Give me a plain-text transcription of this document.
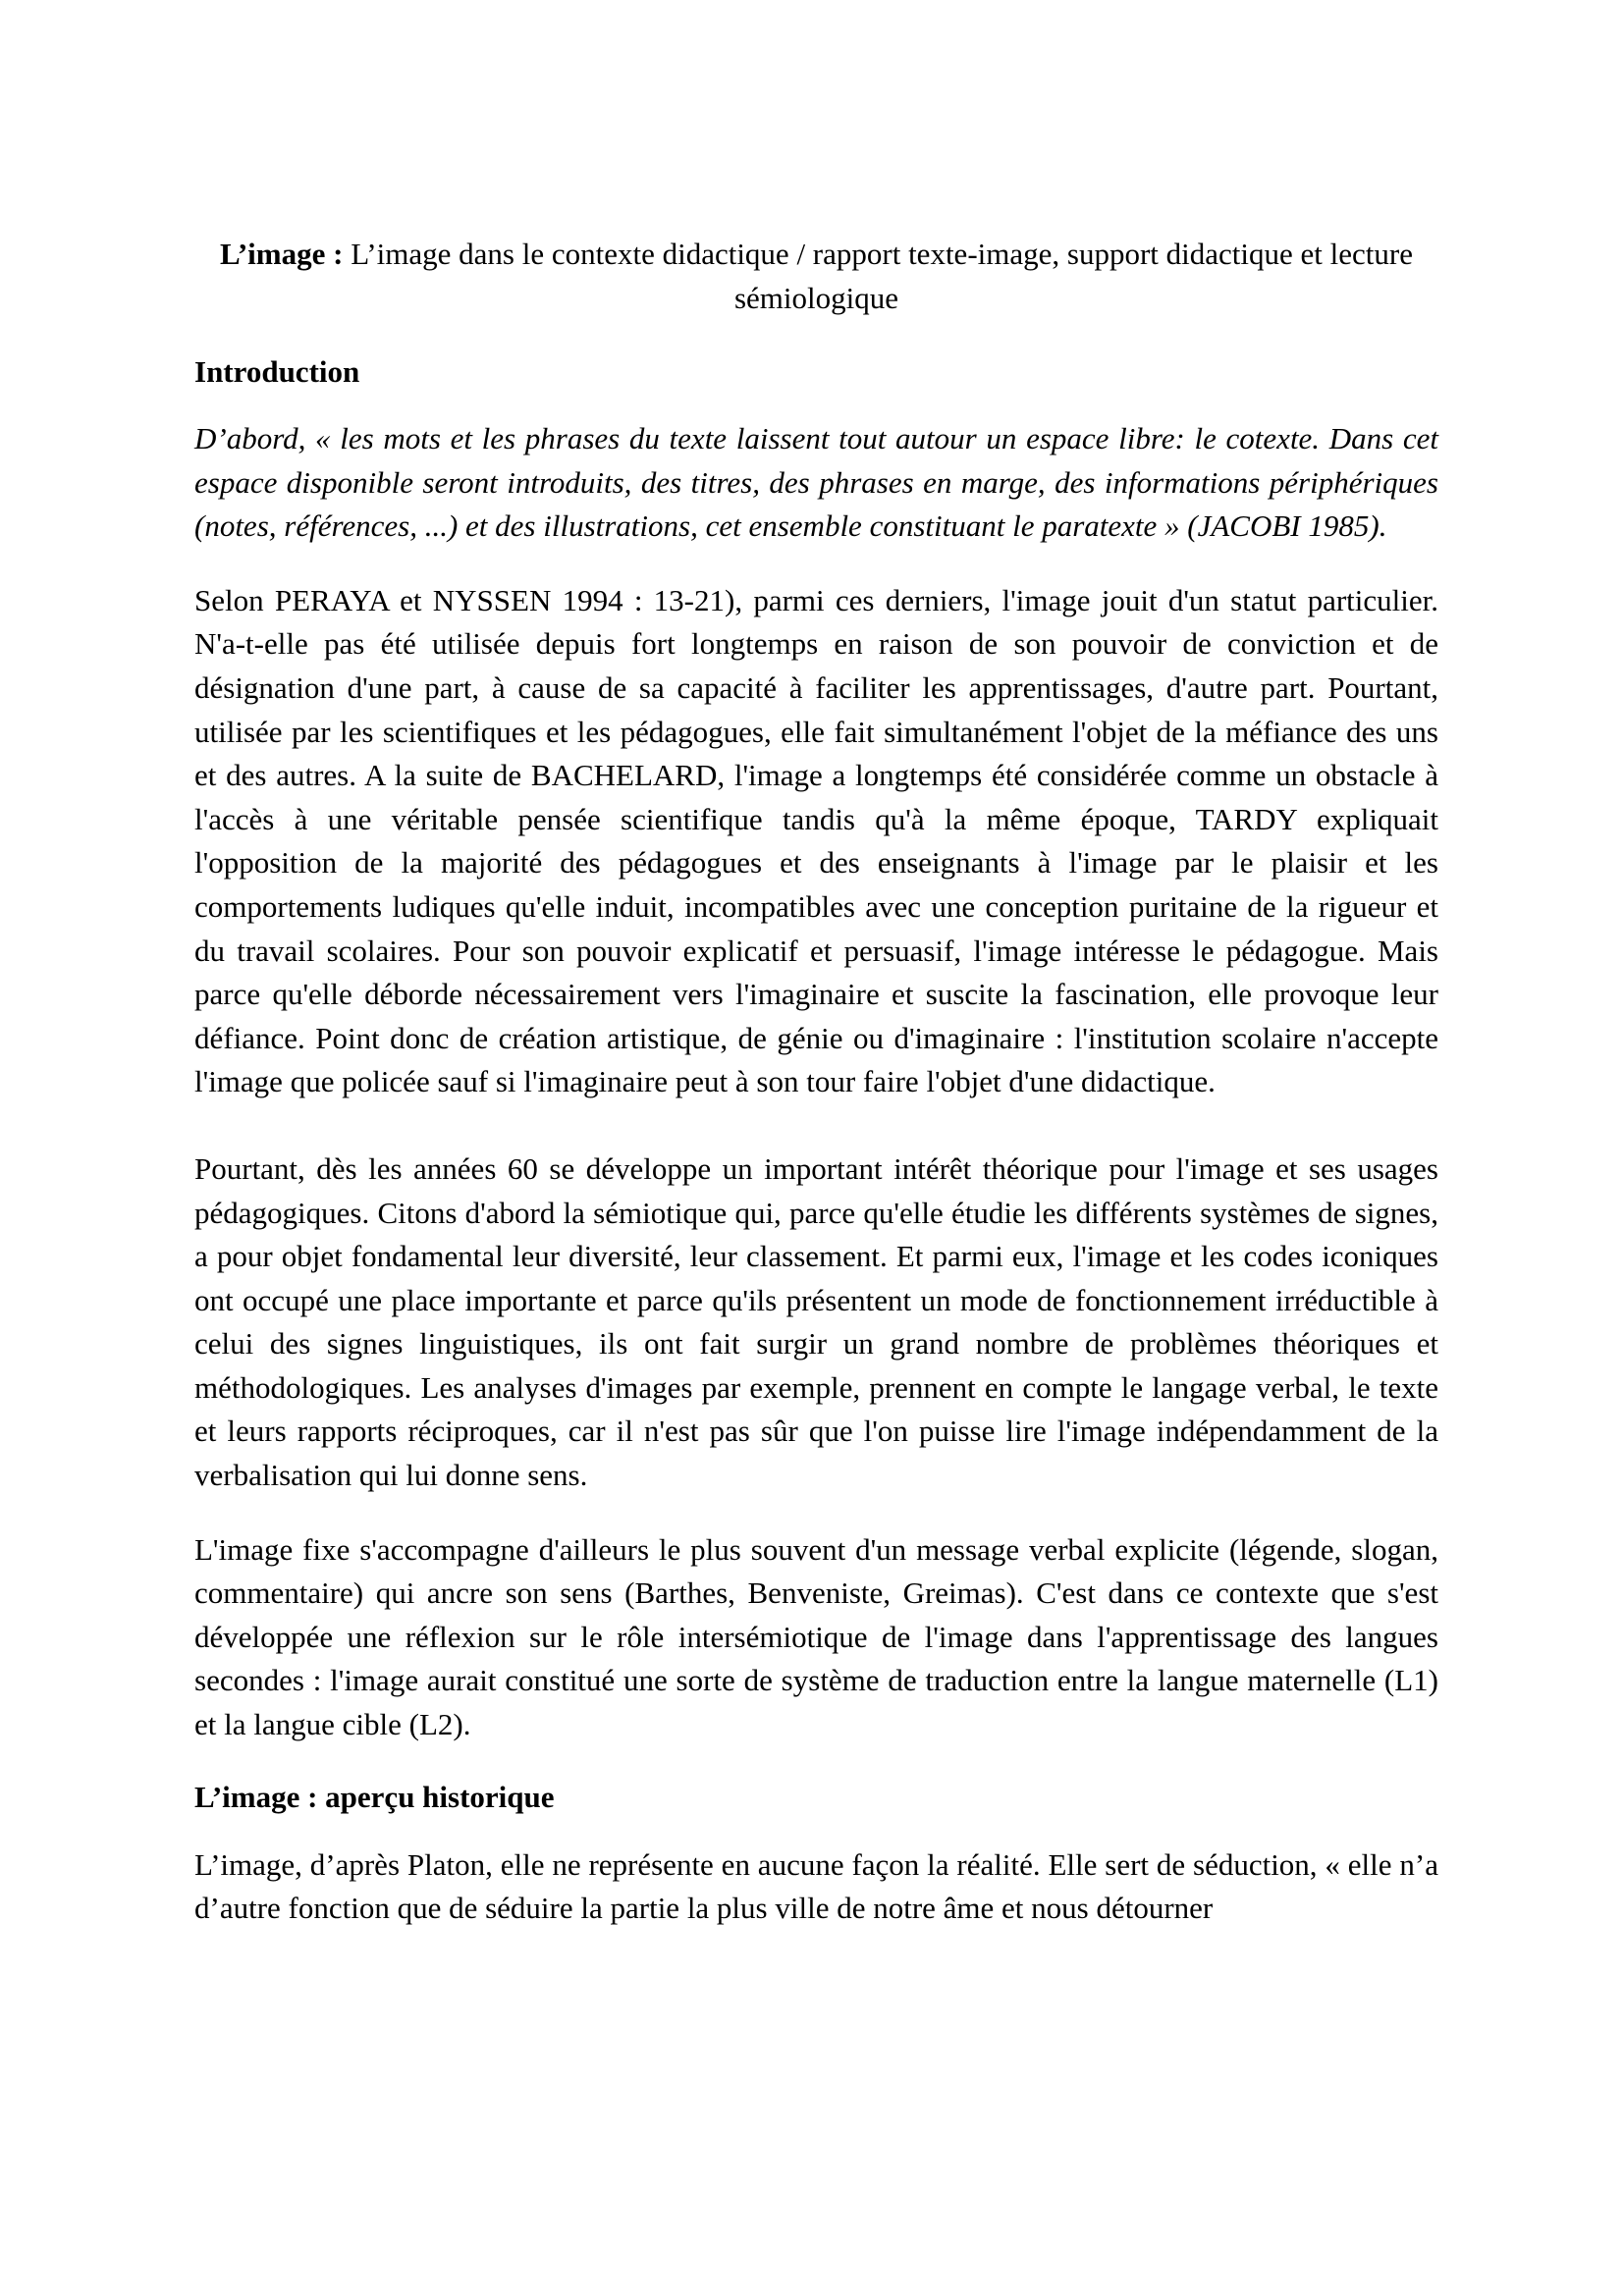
L’image : L’image dans le contexte didactique / rapport texte-image, support didactique et lecture sémiologique

Introduction

D’abord, « les mots et les phrases du texte laissent tout autour un espace libre: le cotexte. Dans cet espace disponible seront introduits, des titres, des phrases en marge, des informations périphériques (notes, références, ...) et des illustrations, cet ensemble constituant le paratexte » (JACOBI 1985).

Selon PERAYA et NYSSEN 1994 : 13-21), parmi ces derniers, l'image jouit d'un statut particulier. N'a-t-elle pas été utilisée depuis fort longtemps en raison de son pouvoir de conviction et de désignation d'une part, à cause de sa capacité à faciliter les apprentissages, d'autre part. Pourtant, utilisée par les scientifiques et les pédagogues, elle fait simultanément l'objet de la méfiance des uns et des autres. A la suite de BACHELARD, l'image a longtemps été considérée comme un obstacle à l'accès à une véritable pensée scientifique tandis qu'à la même époque, TARDY expliquait l'opposition de la majorité des pédagogues et des enseignants à l'image par le plaisir et les comportements ludiques qu'elle induit, incompatibles avec une conception puritaine de la rigueur et du travail scolaires. Pour son pouvoir explicatif et persuasif, l'image intéresse le pédagogue. Mais parce qu'elle déborde nécessairement vers l'imaginaire et suscite la fascination, elle provoque leur défiance. Point donc de création artistique, de génie ou d'imaginaire : l'institution scolaire n'accepte l'image que policée sauf si l'imaginaire peut à son tour faire l'objet d'une didactique.

Pourtant, dès les années 60 se développe un important intérêt théorique pour l'image et ses usages pédagogiques. Citons d'abord la sémiotique qui, parce qu'elle étudie les différents systèmes de signes, a pour objet fondamental leur diversité, leur classement. Et parmi eux, l'image et les codes iconiques ont occupé une place importante et parce qu'ils présentent un mode de fonctionnement irréductible à celui des signes linguistiques, ils ont fait surgir un grand nombre de problèmes théoriques et méthodologiques. Les analyses d'images par exemple, prennent en compte le langage verbal, le texte et leurs rapports réciproques, car il n'est pas sûr que l'on puisse lire l'image indépendamment de la verbalisation qui lui donne sens.

L'image fixe s'accompagne d'ailleurs le plus souvent d'un message verbal explicite (légende, slogan, commentaire) qui ancre son sens (Barthes, Benveniste, Greimas). C'est dans ce contexte que s'est développée une réflexion sur le rôle intersémiotique de l'image dans l'apprentissage des langues secondes : l'image aurait constitué une sorte de système de traduction entre la langue maternelle (L1) et la langue cible (L2).

L’image : aperçu historique

L’image, d’après Platon, elle ne représente en aucune façon la réalité. Elle sert de séduction, « elle n’a d’autre fonction que de séduire la partie la plus ville de notre âme et nous détourner
